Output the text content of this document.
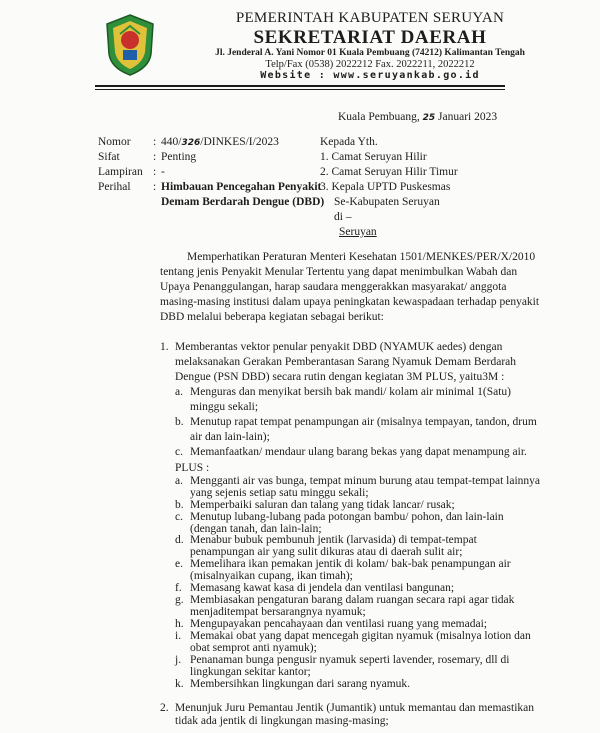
PEMERINTAH KABUPATEN SERUYAN
SEKRETARIAT DAERAH
Jl. Jenderal A. Yani Nomor 01 Kuala Pembuang (74212) Kalimantan Tengah
Telp/Fax (0538) 2022212 Fax. 2022211, 2022212
Website : www.seruyankab.go.id
Kuala Pembuang, 25 Januari 2023
Nomor : 440/326/DINKES/I/2023
Sifat	: Penting
Lampiran : -
Perihal : Himbauan Pencegahan Penyakit
Demam Berdarah Dengue (DBD)
Kepada Yth.
1. Camat Seruyan Hilir
2. Camat Seruyan Hilir Timur
3. Kepala UPTD Puskesmas
Se-Kabupaten Seruyan
di –
Seruyan
Memperhatikan Peraturan Menteri Kesehatan 1501/MENKES/PER/X/2010
tentang jenis Penyakit Menular Tertentu yang dapat menimbulkan Wabah dan
Upaya Penanggulangan, harap saudara menggerakkan masyarakat/ anggota
masing-masing institusi dalam upaya peningkatan kewaspadaan terhadap penyakit
DBD melalui beberapa kegiatan sebagai berikut:
1. Memberantas vektor penular penyakit DBD (NYAMUK aedes) dengan
melaksanakan Gerakan Pemberantasan Sarang Nyamuk Demam Berdarah
Dengue (PSN DBD) secara rutin dengan kegiatan 3M PLUS, yaitu3M :
a. Menguras dan menyikat bersih bak mandi/ kolam air minimal 1(Satu)
minggu sekali;
b. Menutup rapat tempat penampungan air (misalnya tempayan, tandon, drum
air dan lain-lain);
c. Memanfaatkan/ mendaur ulang barang bekas yang dapat menampung air.
PLUS :
a. Mengganti air vas bunga, tempat minum burung atau tempat-tempat lainnya
yang sejenis setiap satu minggu sekali;
b. Memperbaiki saluran dan talang yang tidak lancar/ rusak;
c. Menutup lubang-lubang pada potongan bambu/ pohon, dan lain-lain
(dengan tanah, dan lain-lain;
d. Menabur bubuk pembunuh jentik (larvasida) di tempat-tempat
penampungan air yang sulit dikuras atau di daerah sulit air;
e. Memelihara ikan pemakan jentik di kolam/ bak-bak penampungan air
(misalnyaikan cupang, ikan timah);
f. Memasang kawat kasa di jendela dan ventilasi bangunan;
g. Membiasakan pengaturan barang dalam ruangan secara rapi agar tidak
menjaditempat bersarangnya nyamuk;
h. Mengupayakan pencahayaan dan ventilasi ruang yang memadai;
i. Memakai obat yang dapat mencegah gigitan nyamuk (misalnya lotion dan
obat semprot anti nyamuk);
j. Penanaman bunga pengusir nyamuk seperti lavender, rosemary, dll di
lingkungan sekitar kantor;
k. Membersihkan lingkungan dari sarang nyamuk.
2. Menunjuk Juru Pemantau Jentik (Jumantik) untuk memantau dan memastikan
tidak ada jentik di lingkungan masing-masing;
